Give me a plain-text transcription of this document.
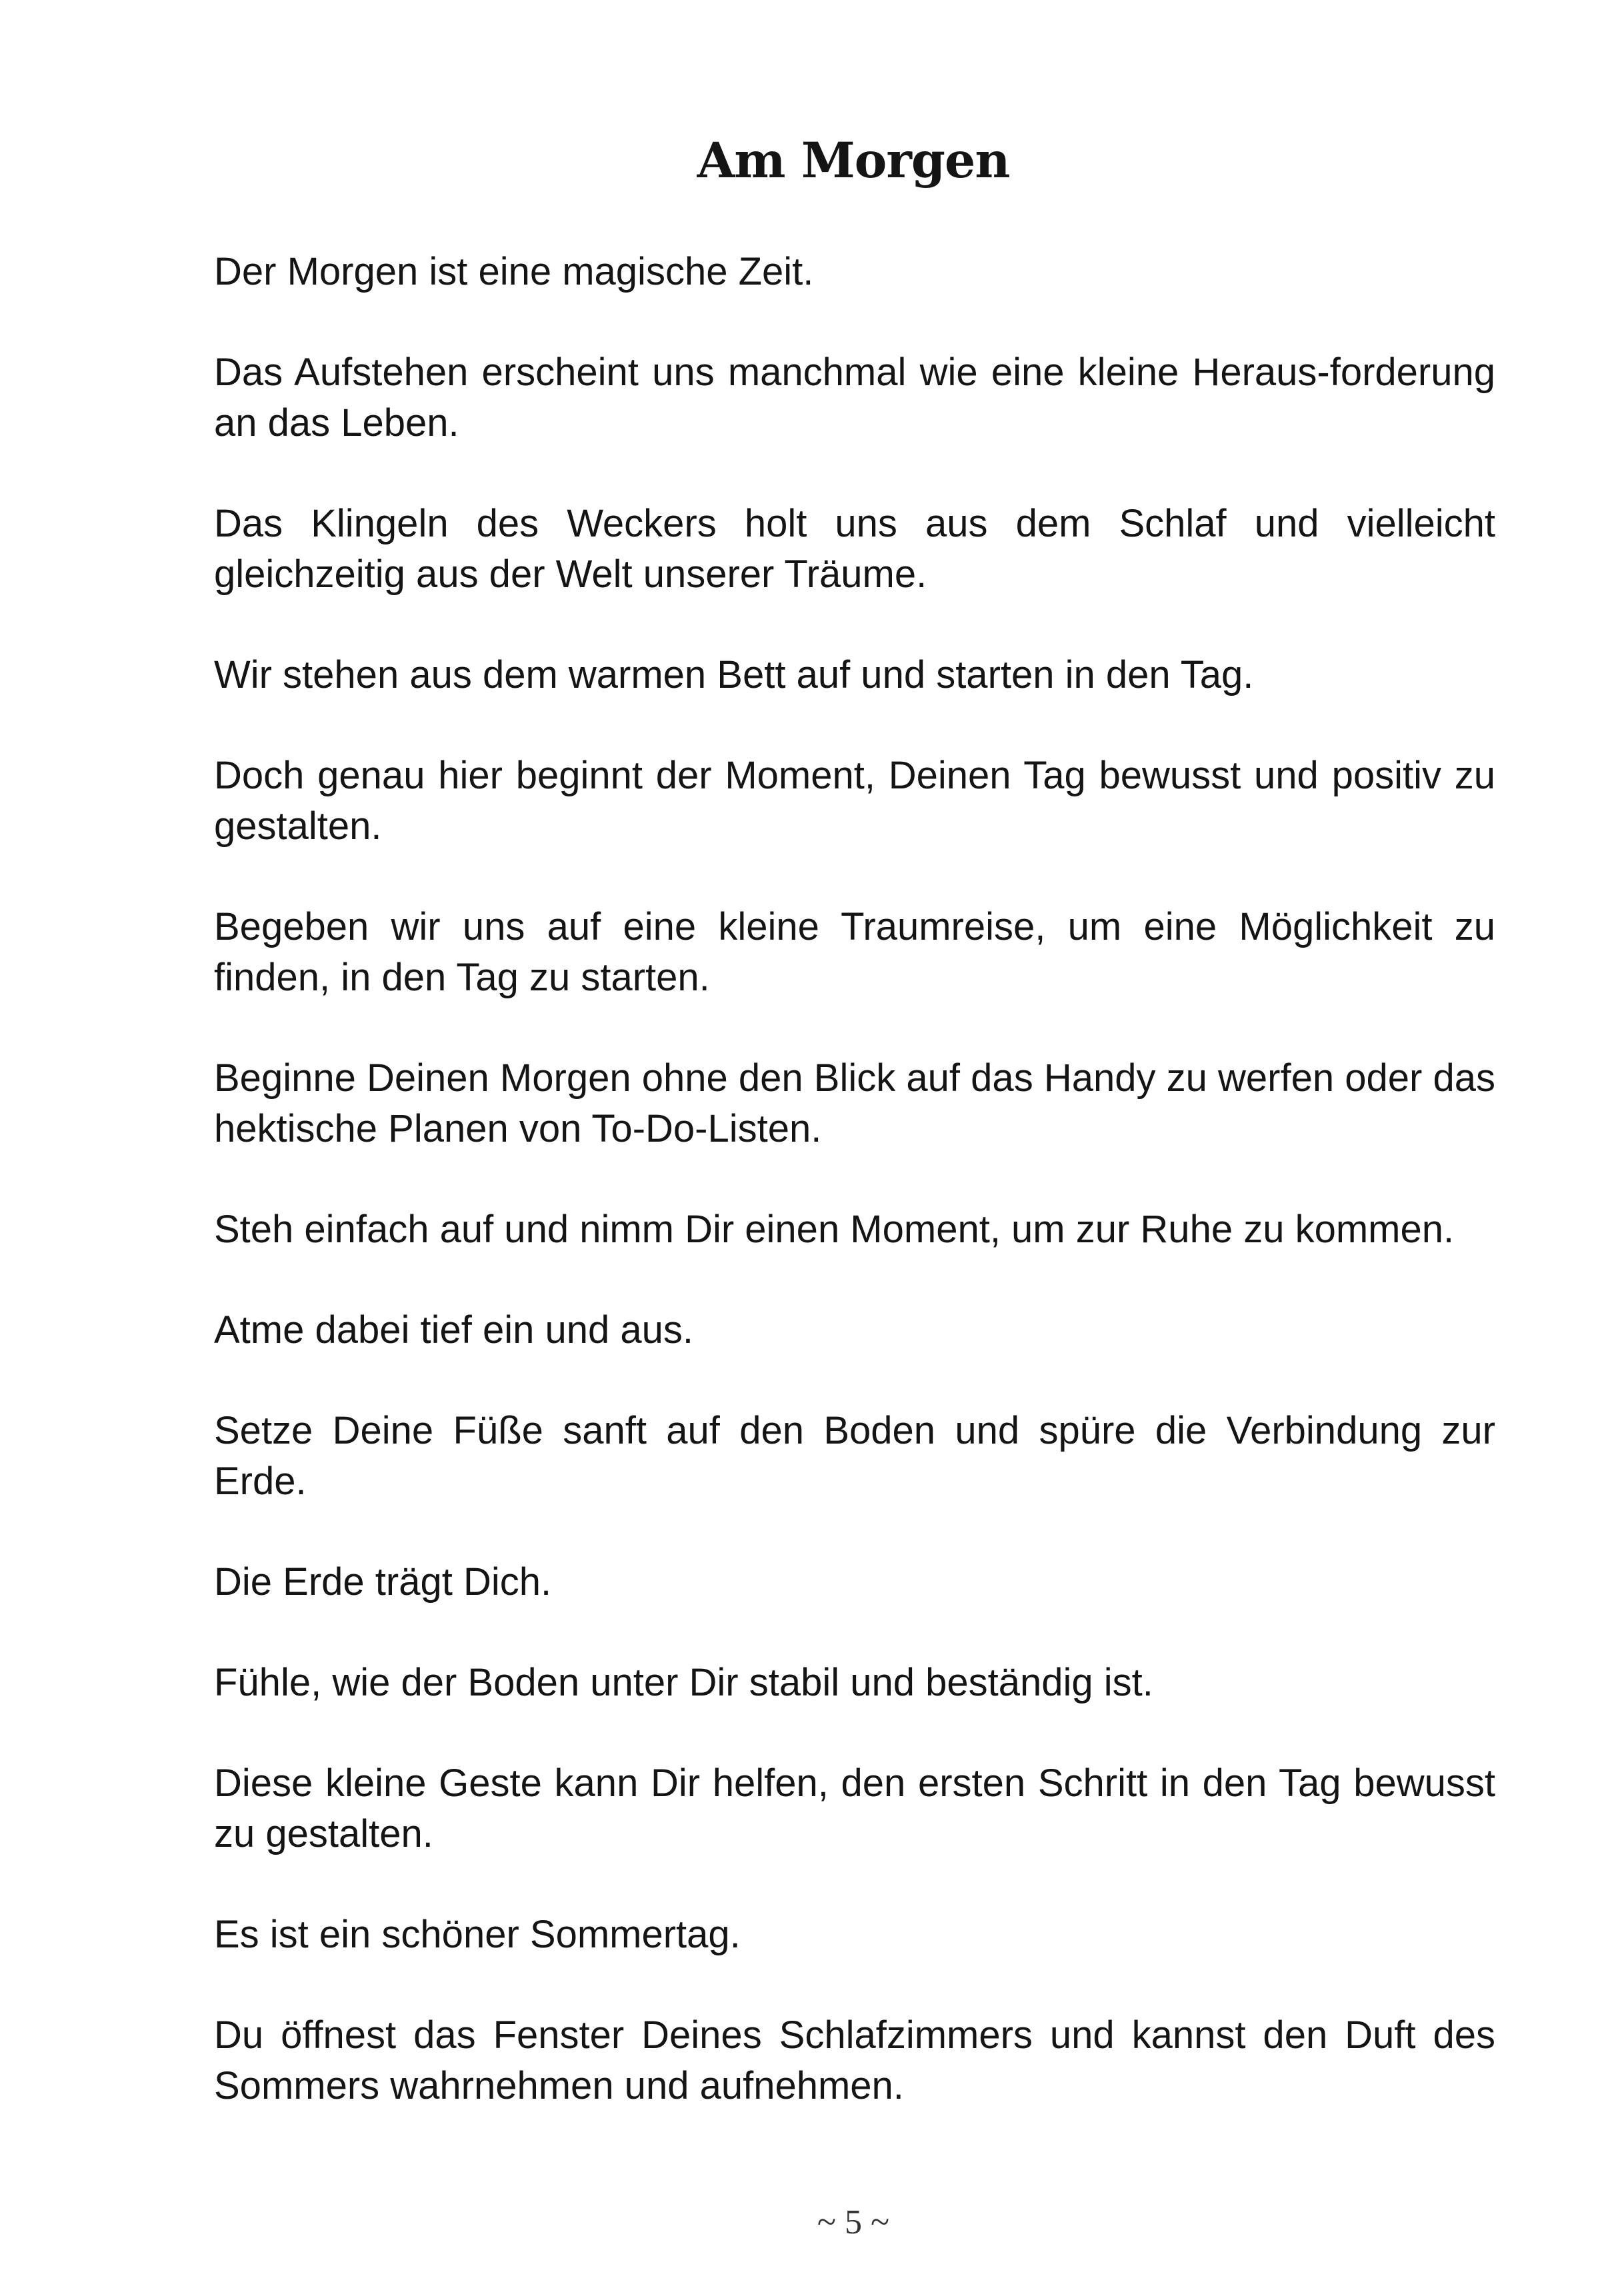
Am Morgen

Der Morgen ist eine magische Zeit.

Das Aufstehen erscheint uns manchmal wie eine kleine Heraus-forderung an das Leben.

Das Klingeln des Weckers holt uns aus dem Schlaf und vielleicht gleichzeitig aus der Welt unserer Träume.

Wir stehen aus dem warmen Bett auf und starten in den Tag.

Doch genau hier beginnt der Moment, Deinen Tag bewusst und positiv zu gestalten.

Begeben wir uns auf eine kleine Traumreise, um eine Möglichkeit zu finden, in den Tag zu starten.

Beginne Deinen Morgen ohne den Blick auf das Handy zu werfen oder das hektische Planen von To-Do-Listen.

Steh einfach auf und nimm Dir einen Moment, um zur Ruhe zu kommen.

Atme dabei tief ein und aus.

Setze Deine Füße sanft auf den Boden und spüre die Verbindung zur Erde.

Die Erde trägt Dich.

Fühle, wie der Boden unter Dir stabil und beständig ist.

Diese kleine Geste kann Dir helfen, den ersten Schritt in den Tag bewusst zu gestalten.

Es ist ein schöner Sommertag.

Du öffnest das Fenster Deines Schlafzimmers und kannst den Duft des Sommers wahrnehmen und aufnehmen.

~ 5 ~
